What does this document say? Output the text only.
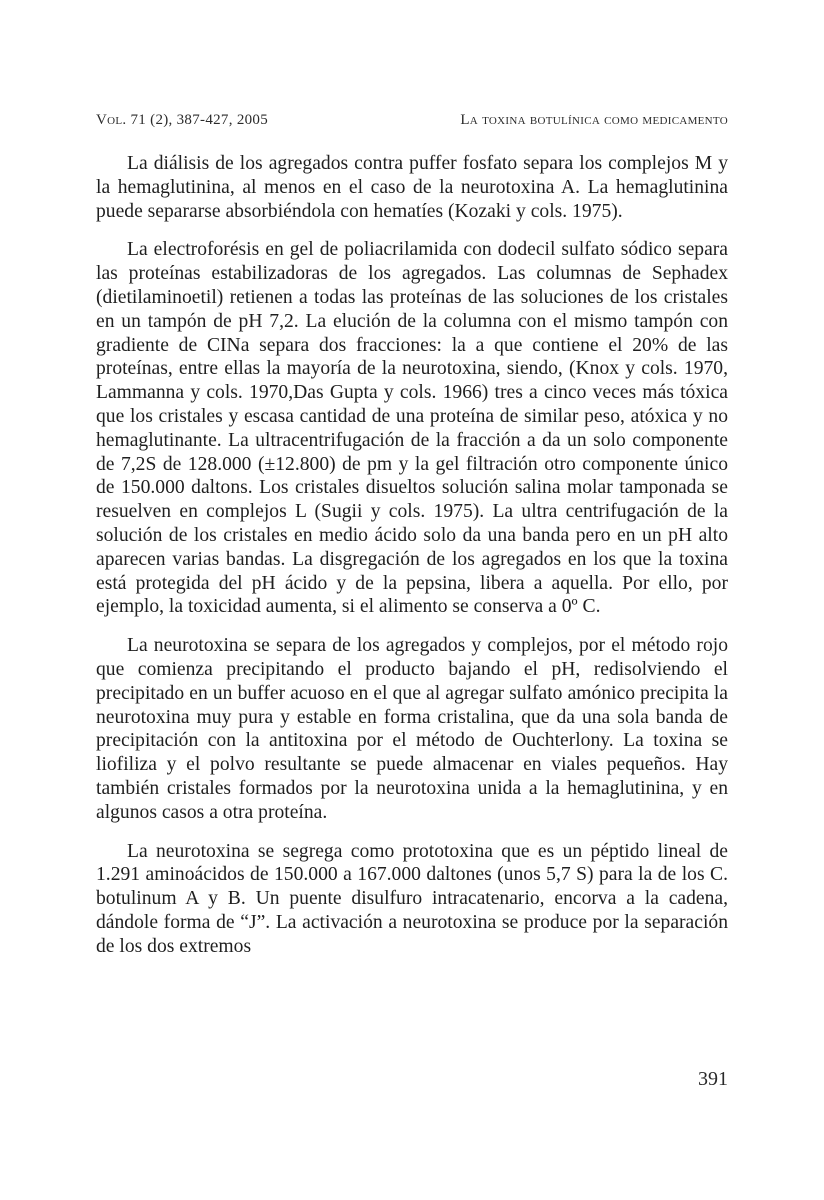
Vol. 71 (2), 387-427, 2005	La toxina botulínica como medicamento

La diálisis de los agregados contra puffer fosfato separa los complejos M y la hemaglutinina, al menos en el caso de la neurotoxina A. La hemaglutinina puede separarse absorbiéndola con hematíes (Kozaki y cols. 1975).

La electroforésis en gel de poliacrilamida con dodecil sulfato sódico separa las proteínas estabilizadoras de los agregados. Las columnas de Sephadex (dietilaminoetil) retienen a todas las proteínas de las soluciones de los cristales en un tampón de pH 7,2. La elución de la columna con el mismo tampón con gradiente de CINa separa dos fracciones: la a que contiene el 20% de las proteínas, entre ellas la mayoría de la neurotoxina, siendo, (Knox y cols. 1970, Lammanna y cols. 1970,Das Gupta y cols. 1966) tres a cinco veces más tóxica que los cristales y escasa cantidad de una proteína de similar peso, atóxica y no hemaglutinante. La ultracentrifugación de la fracción a da un solo componente de 7,2S de 128.000 (±12.800) de pm y la gel filtración otro componente único de 150.000 daltons. Los cristales disueltos solución salina molar tamponada se resuelven en complejos L (Sugii y cols. 1975). La ultra centrifugación de la solución de los cristales en medio ácido solo da una banda pero en un pH alto aparecen varias bandas. La disgregación de los agregados en los que la toxina está protegida del pH ácido y de la pepsina, libera a aquella. Por ello, por ejemplo, la toxicidad aumenta, si el alimento se conserva a 0º C.

La neurotoxina se separa de los agregados y complejos, por el método rojo que comienza precipitando el producto bajando el pH, redisolviendo el precipitado en un buffer acuoso en el que al agregar sulfato amónico precipita la neurotoxina muy pura y estable en forma cristalina, que da una sola banda de precipitación con la antitoxina por el método de Ouchterlony. La toxina se liofiliza y el polvo resultante se puede almacenar en viales pequeños. Hay también cristales formados por la neurotoxina unida a la hemaglutinina, y en algunos casos a otra proteína.

La neurotoxina se segrega como prototoxina que es un péptido lineal de 1.291 aminoácidos de 150.000 a 167.000 daltones (unos 5,7 S) para la de los C. botulinum A y B. Un puente disulfuro intracatenario, encorva a la cadena, dándole forma de “J”. La activación a neurotoxina se produce por la separación de los dos extremos

391
